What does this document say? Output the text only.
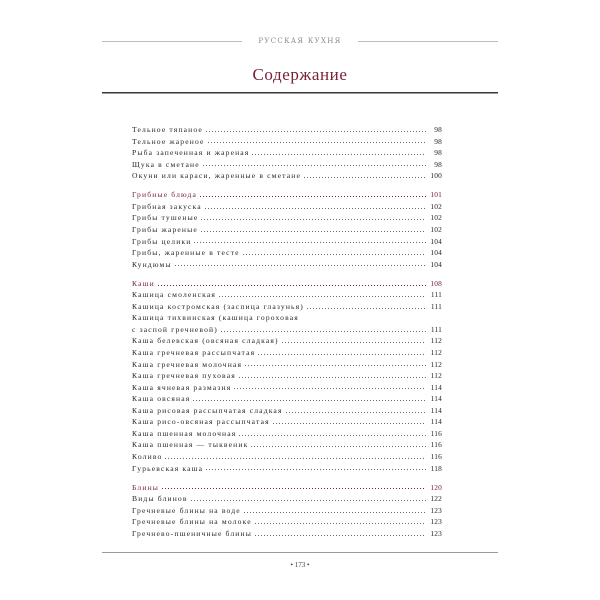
РУССКАЯ КУХНЯ
Содержание
Тельное тяпаное	98
Тельное жареное	98
Рыба запеченная и жареная	98
Щука в сметане	98
Окуни или караси, жаренные в сметане	100
Грибные блюда	101
Грибная закуска	102
Грибы тушеные	102
Грибы жареные	102
Грибы целики	104
Грибы, жаренные в тесте	104
Кундюмы	104
Каши	108
Кашица смоленская	111
Кашица костромская (заспица глазунья)	111
Кашица тихвинская (кашица гороховая
с заспой гречневой)	111
Каша белевская (овсяная сладкая)	112
Каша гречневая рассыпчатая	112
Каша гречневая молочная	112
Каша гречневая пуховая	112
Каша ячневая размазня	114
Каша овсяная	114
Каша рисовая рассыпчатая сладкая	114
Каша рисо-овсяная рассыпчатая	114
Каша пшенная молочная	116
Каша пшенная — тыквеник	116
Коливо	116
Гурьевская каша	118
Блины	120
Виды блинов	122
Гречневые блины на воде	123
Гречневые блины на молоке	123
Гречнево-пшеничные блины	123
• 173 •
